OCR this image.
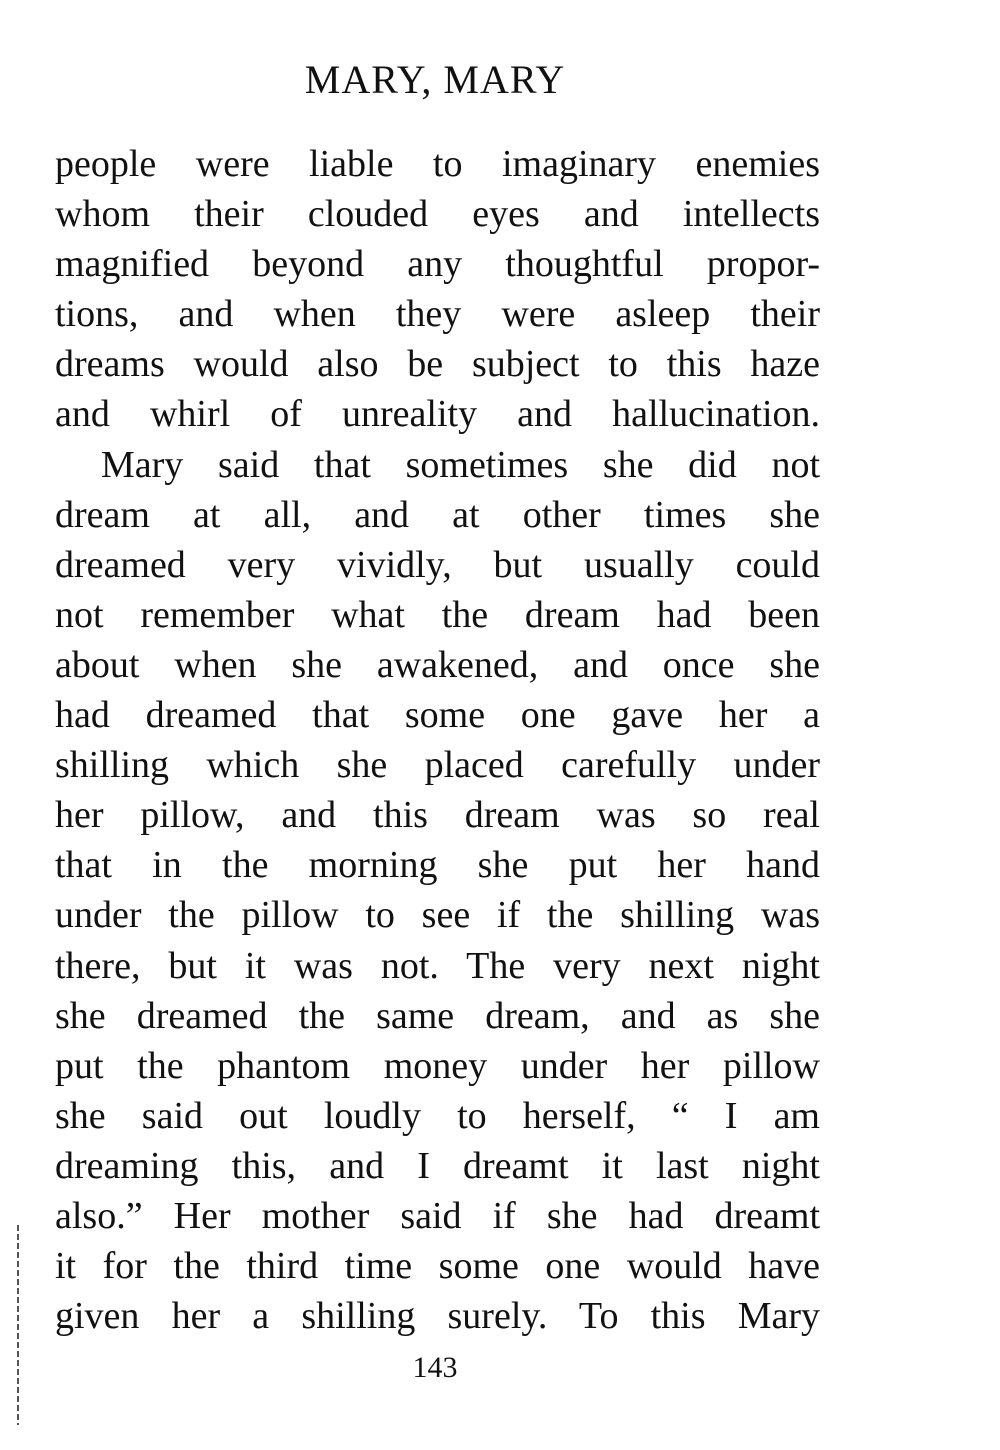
MARY, MARY
people were liable to imaginary enemies
whom their clouded eyes and intellects
magnified beyond any thoughtful propor-
tions, and when they were asleep their
dreams would also be subject to this haze
and whirl of unreality and hallucination.
Mary said that sometimes she did not
dream at all, and at other times she
dreamed very vividly, but usually could
not remember what the dream had been
about when she awakened, and once she
had dreamed that some one gave her a
shilling which she placed carefully under
her pillow, and this dream was so real
that in the morning she put her hand
under the pillow to see if the shilling was
there, but it was not. The very next night
she dreamed the same dream, and as she
put the phantom money under her pillow
she said out loudly to herself, “ I am
dreaming this, and I dreamt it last night
also.” Her mother said if she had dreamt
it for the third time some one would have
given her a shilling surely. To this Mary
143
